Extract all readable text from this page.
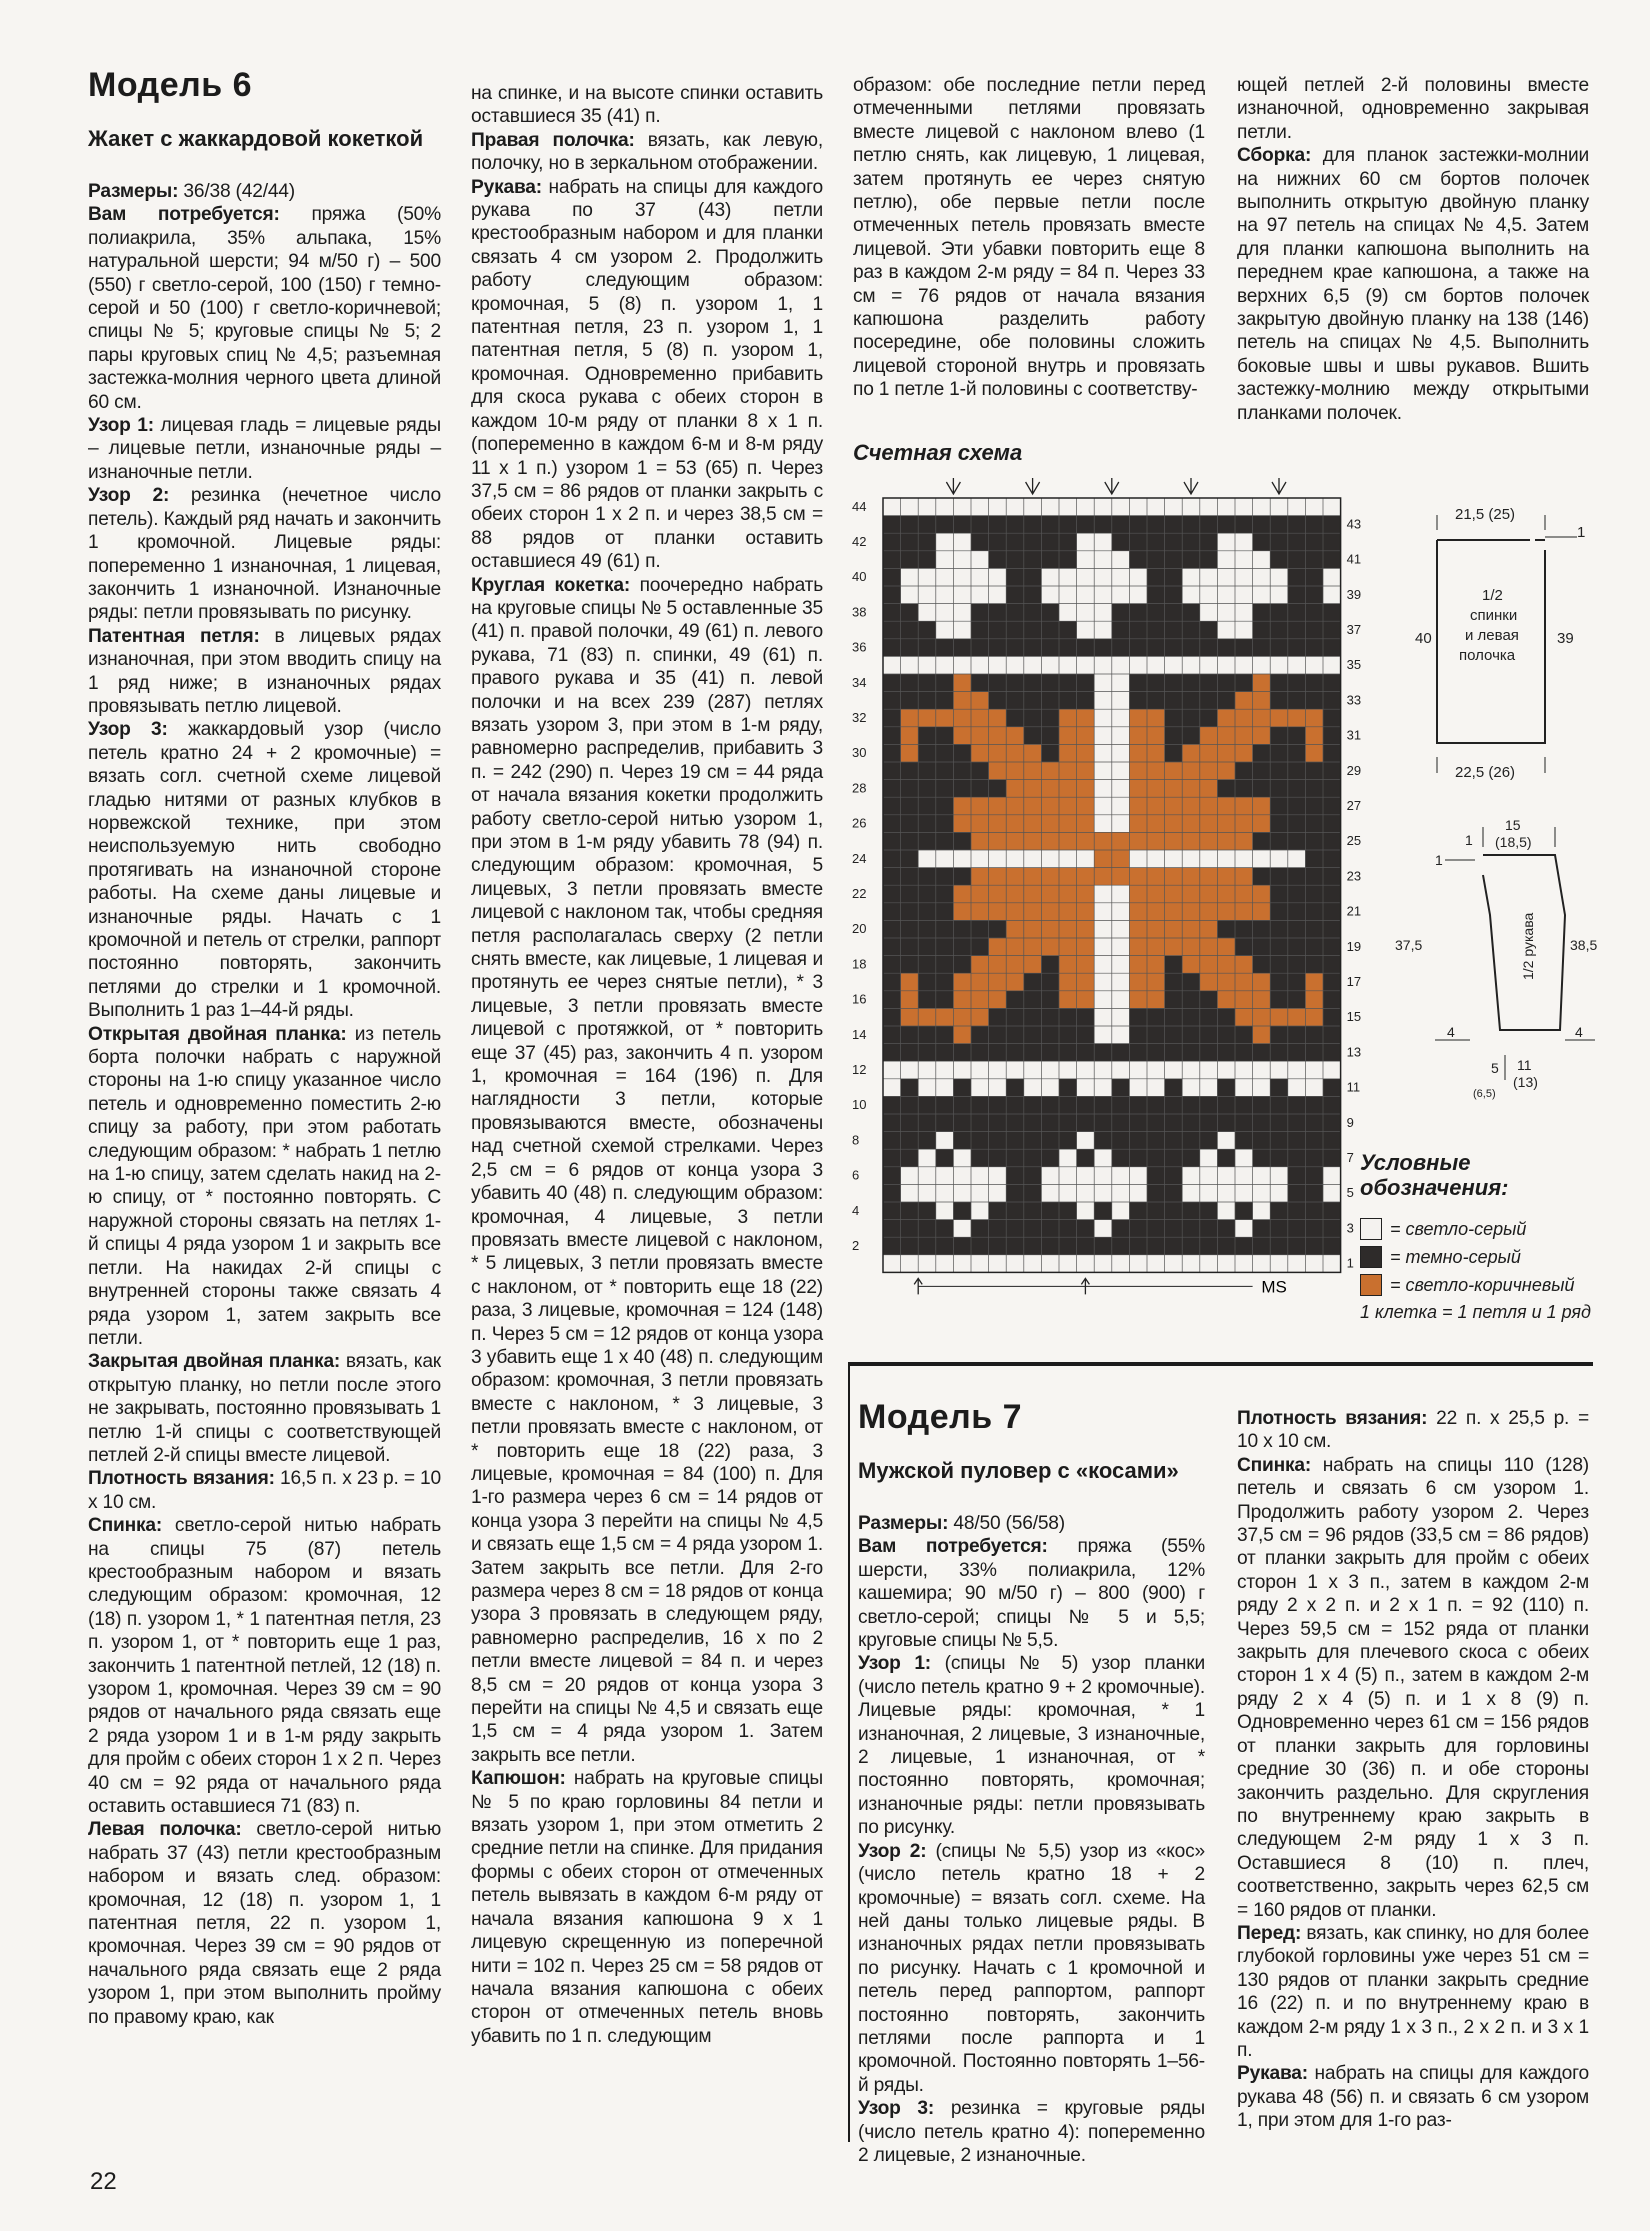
Модель 6
Жакет с жаккардовой кокеткой

Размеры: 36/38 (42/44)

Вам потребуется: пряжа (50% полиакрила, 35% альпака, 15% натуральной шерсти; 94 м/50 г) – 500 (550) г светло-серой, 100 (150) г темно-серой и 50 (100) г светло-коричневой; спицы № 5; круговые спицы № 5; 2 пары круговых спиц № 4,5; разъемная застежка-молния черного цвета длиной 60 см.

Узор 1: лицевая гладь = лицевые ряды – лицевые петли, изнаночные ряды – изнаночные петли.

Узор 2: резинка (нечетное число петель). Каждый ряд начать и закончить 1 кромочной. Лицевые ряды: попеременно 1 изнаночная, 1 лицевая, закончить 1 изнаночной. Изнаночные ряды: петли провязывать по рисунку.

Патентная петля: в лицевых рядах изнаночная, при этом вводить спицу на 1 ряд ниже; в изнаночных рядах провязывать петлю лицевой.

Узор 3: жаккардовый узор (число петель кратно 24 + 2 кромочные) = вязать согл. счетной схеме лицевой гладью нитями от разных клубков в норвежской технике, при этом неиспользуемую нить свободно протягивать на изнаночной стороне работы. На схеме даны лицевые и изнаночные ряды. Начать с 1 кромочной и петель от стрелки, раппорт постоянно повторять, закончить петлями до стрелки и 1 кромочной. Выполнить 1 раз 1–44-й ряды.

Открытая двойная планка: из петель борта полочки набрать с наружной стороны на 1-ю спицу указанное число петель и одновременно поместить 2-ю спицу за работу, при этом работать следующим образом: * набрать 1 петлю на 1-ю спицу, затем сделать накид на 2-ю спицу, от * постоянно повторять. С наружной стороны связать на петлях 1-й спицы 4 ряда узором 1 и закрыть все петли. На накидах 2-й спицы с внутренней стороны также связать 4 ряда узором 1, затем закрыть все петли.

Закрытая двойная планка: вязать, как открытую планку, но петли после этого не закрывать, постоянно провязывать 1 петлю 1-й спицы с соответствующей петлей 2-й спицы вместе лицевой.

Плотность вязания: 16,5 п. х 23 р. = 10 х 10 см.

Спинка: светло-серой нитью набрать на спицы 75 (87) петель крестообразным набором и вязать следующим образом: кромочная, 12 (18) п. узором 1, * 1 патентная петля, 23 п. узором 1, от * повторить еще 1 раз, закончить 1 патентной петлей, 12 (18) п. узором 1, кромочная. Через 39 см = 90 рядов от начального ряда связать еще 2 ряда узором 1 и в 1-м ряду закрыть для пройм с обеих сторон 1 х 2 п. Через 40 см = 92 ряда от начального ряда оставить оставшиеся 71 (83) п.

Левая полочка: светло-серой нитью набрать 37 (43) петли крестообразным набором и вязать след. образом: кромочная, 12 (18) п. узором 1, 1 патентная петля, 22 п. узором 1, кромочная. Через 39 см = 90 рядов от начального ряда связать еще 2 ряда узором 1, при этом выполнить пройму по правому краю, как

на спинке, и на высоте спинки оставить оставшиеся 35 (41) п.

Правая полочка: вязать, как левую, полочку, но в зеркальном отображении.

Рукава: набрать на спицы для каждого рукава по 37 (43) петли крестообразным набором и для планки связать 4 см узором 2. Продолжить работу следующим образом: кромочная, 5 (8) п. узором 1, 1 патентная петля, 23 п. узором 1, 1 патентная петля, 5 (8) п. узором 1, кромочная. Одновременно прибавить для скоса рукава с обеих сторон в каждом 10-м ряду от планки 8 х 1 п. (попеременно в каждом 6-м и 8-м ряду 11 х 1 п.) узором 1 = 53 (65) п. Через 37,5 см = 86 рядов от планки закрыть с обеих сторон 1 х 2 п. и через 38,5 см = 88 рядов от планки оставить оставшиеся 49 (61) п.

Круглая кокетка: поочередно набрать на круговые спицы № 5 оставленные 35 (41) п. правой полочки, 49 (61) п. левого рукава, 71 (83) п. спинки, 49 (61) п. правого рукава и 35 (41) п. левой полочки и на всех 239 (287) петлях вязать узором 3, при этом в 1-м ряду, равномерно распределив, прибавить 3 п. = 242 (290) п. Через 19 см = 44 ряда от начала вязания кокетки продолжить работу светло-серой нитью узором 1, при этом в 1-м ряду убавить 78 (94) п. следующим образом: кромочная, 5 лицевых, 3 петли провязать вместе лицевой с наклоном так, чтобы средняя петля располагалась сверху (2 петли снять вместе, как лицевые, 1 лицевая и протянуть ее через снятые петли), * 3 лицевые, 3 петли провязать вместе лицевой с протяжкой, от * повторить еще 37 (45) раз, закончить 4 п. узором 1, кромочная = 164 (196) п. Для наглядности 3 петли, которые провязываются вместе, обозначены над счетной схемой стрелками. Через 2,5 см = 6 рядов от конца узора 3 убавить 40 (48) п. следующим образом: кромочная, 4 лицевые, 3 петли провязать вместе лицевой с наклоном, * 5 лицевых, 3 петли провязать вместе с наклоном, от * повторить еще 18 (22) раза, 3 лицевые, кромочная = 124 (148) п. Через 5 см = 12 рядов от конца узора 3 убавить еще 1 х 40 (48) п. следующим образом: кромочная, 3 петли провязать вместе с наклоном, * 3 лицевые, 3 петли провязать вместе с наклоном, от * повторить еще 18 (22) раза, 3 лицевые, кромочная = 84 (100) п. Для 1-го размера через 6 см = 14 рядов от конца узора 3 перейти на спицы № 4,5 и связать еще 1,5 см = 4 ряда узором 1. Затем закрыть все петли. Для 2-го размера через 8 см = 18 рядов от конца узора 3 провязать в следующем ряду, равномерно распределив, 16 х по 2 петли вместе лицевой = 84 п. и через 8,5 см = 20 рядов от конца узора 3 перейти на спицы № 4,5 и связать еще 1,5 см = 4 ряда узором 1. Затем закрыть все петли.

Капюшон: набрать на круговые спицы № 5 по краю горловины 84 петли и вязать узором 1, при этом отметить 2 средние петли на спинке. Для придания формы с обеих сторон от отмеченных петель вывязать в каждом 6-м ряду от начала вязания капюшона 9 х 1 лицевую скрещенную из поперечной нити = 102 п. Через 25 см = 58 рядов от начала вязания капюшона с обеих сторон от отмеченных петель вновь убавить по 1 п. следующим

образом: обе последние петли перед отмеченными петлями провязать вместе лицевой с наклоном влево (1 петлю снять, как лицевую, 1 лицевая, затем протянуть ее через снятую петлю), обе первые петли после отмеченных петель провязать вместе лицевой. Эти убавки повторить еще 8 раз в каждом 2-м ряду = 84 п. Через 33 см = 76 рядов от начала вязания капюшона разделить работу посередине, обе половины сложить лицевой стороной внутрь и провязать по 1 петле 1-й половины с соответству-

ющей петлей 2-й половины вместе изнаночной, одновременно закрывая петли.

Сборка: для планок застежки-молнии на нижних 60 см бортов полочек выполнить открытую двойную планку на 97 петель на спицах № 4,5. Затем для планки капюшона выполнить на переднем крае капюшона, а также на верхних 6,5 (9) см бортов полочек закрытую двойную планку на 138 (146) петель на спицах № 4,5. Выполнить боковые швы и швы рукавов. Вшить застежку-молнию между открытыми планками полочек.

Счетная схема
44
42
40
38
36
34
32
30
28
26
24
22
20
18
16
14
12
10
8
6
4
2
43
41
39
37
35
33
31
29
27
25
23
21
19
17
15
13
11
9
7
5
3
1
MS
Условные
обозначения:
= светло-серый
= темно-серый
= светло-коричневый
1 клетка = 1 петля и 1 ряд
21,5 (25)
1
1/2
спинки
и левая
полочка
40	39
22,5 (26)
15
(18,5)
1
1
37,5	38,5
1/2 рукава
4	4
5
(6,5)
11
(13)
Модель 7
Мужской пуловер с «косами»

Размеры: 48/50 (56/58)

Вам потребуется: пряжа (55% шерсти, 33% полиакрила, 12% кашемира; 90 м/50 г) – 800 (900) г светло-серой; спицы № 5 и 5,5; круговые спицы № 5,5.

Узор 1: (спицы № 5) узор планки (число петель кратно 9 + 2 кромочные). Лицевые ряды: кромочная, * 1 изнаночная, 2 лицевые, 3 изнаночные, 2 лицевые, 1 изнаночная, от * постоянно повторять, кромочная; изнаночные ряды: петли провязывать по рисунку.

Узор 2: (спицы № 5,5) узор из «кос» (число петель кратно 18 + 2 кромочные) = вязать согл. схеме. На ней даны только лицевые ряды. В изнаночных рядах петли провязывать по рисунку. Начать с 1 кромочной и петель перед раппортом, раппорт постоянно повторять, закончить петлями после раппорта и 1 кромочной. Постоянно повторять 1–56-й ряды.

Узор 3: резинка = круговые ряды (число петель кратно 4): попеременно 2 лицевые, 2 изнаночные.

Плотность вязания: 22 п. х 25,5 р. = 10 х 10 см.

Спинка: набрать на спицы 110 (128) петель и связать 6 см узором 1. Продолжить работу узором 2. Через 37,5 см = 96 рядов (33,5 см = 86 рядов) от планки закрыть для пройм с обеих сторон 1 х 3 п., затем в каждом 2-м ряду 2 х 2 п. и 2 х 1 п. = 92 (110) п. Через 59,5 см = 152 ряда от планки закрыть для плечевого скоса с обеих сторон 1 х 4 (5) п., затем в каждом 2-м ряду 2 х 4 (5) п. и 1 х 8 (9) п. Одновременно через 61 см = 156 рядов от планки закрыть для горловины средние 30 (36) п. и обе стороны закончить раздельно. Для скругления по внутреннему краю закрыть в следующем 2-м ряду 1 х 3 п. Оставшиеся 8 (10) п. плеч, соответственно, закрыть через 62,5 см = 160 рядов от планки.

Перед: вязать, как спинку, но для более глубокой горловины уже через 51 см = 130 рядов от планки закрыть средние 16 (22) п. и по внутреннему краю в каждом 2-м ряду 1 х 3 п., 2 х 2 п. и 3 х 1 п.

Рукава: набрать на спицы для каждого рукава 48 (56) п. и связать 6 см узором 1, при этом для 1-го раз-

22
